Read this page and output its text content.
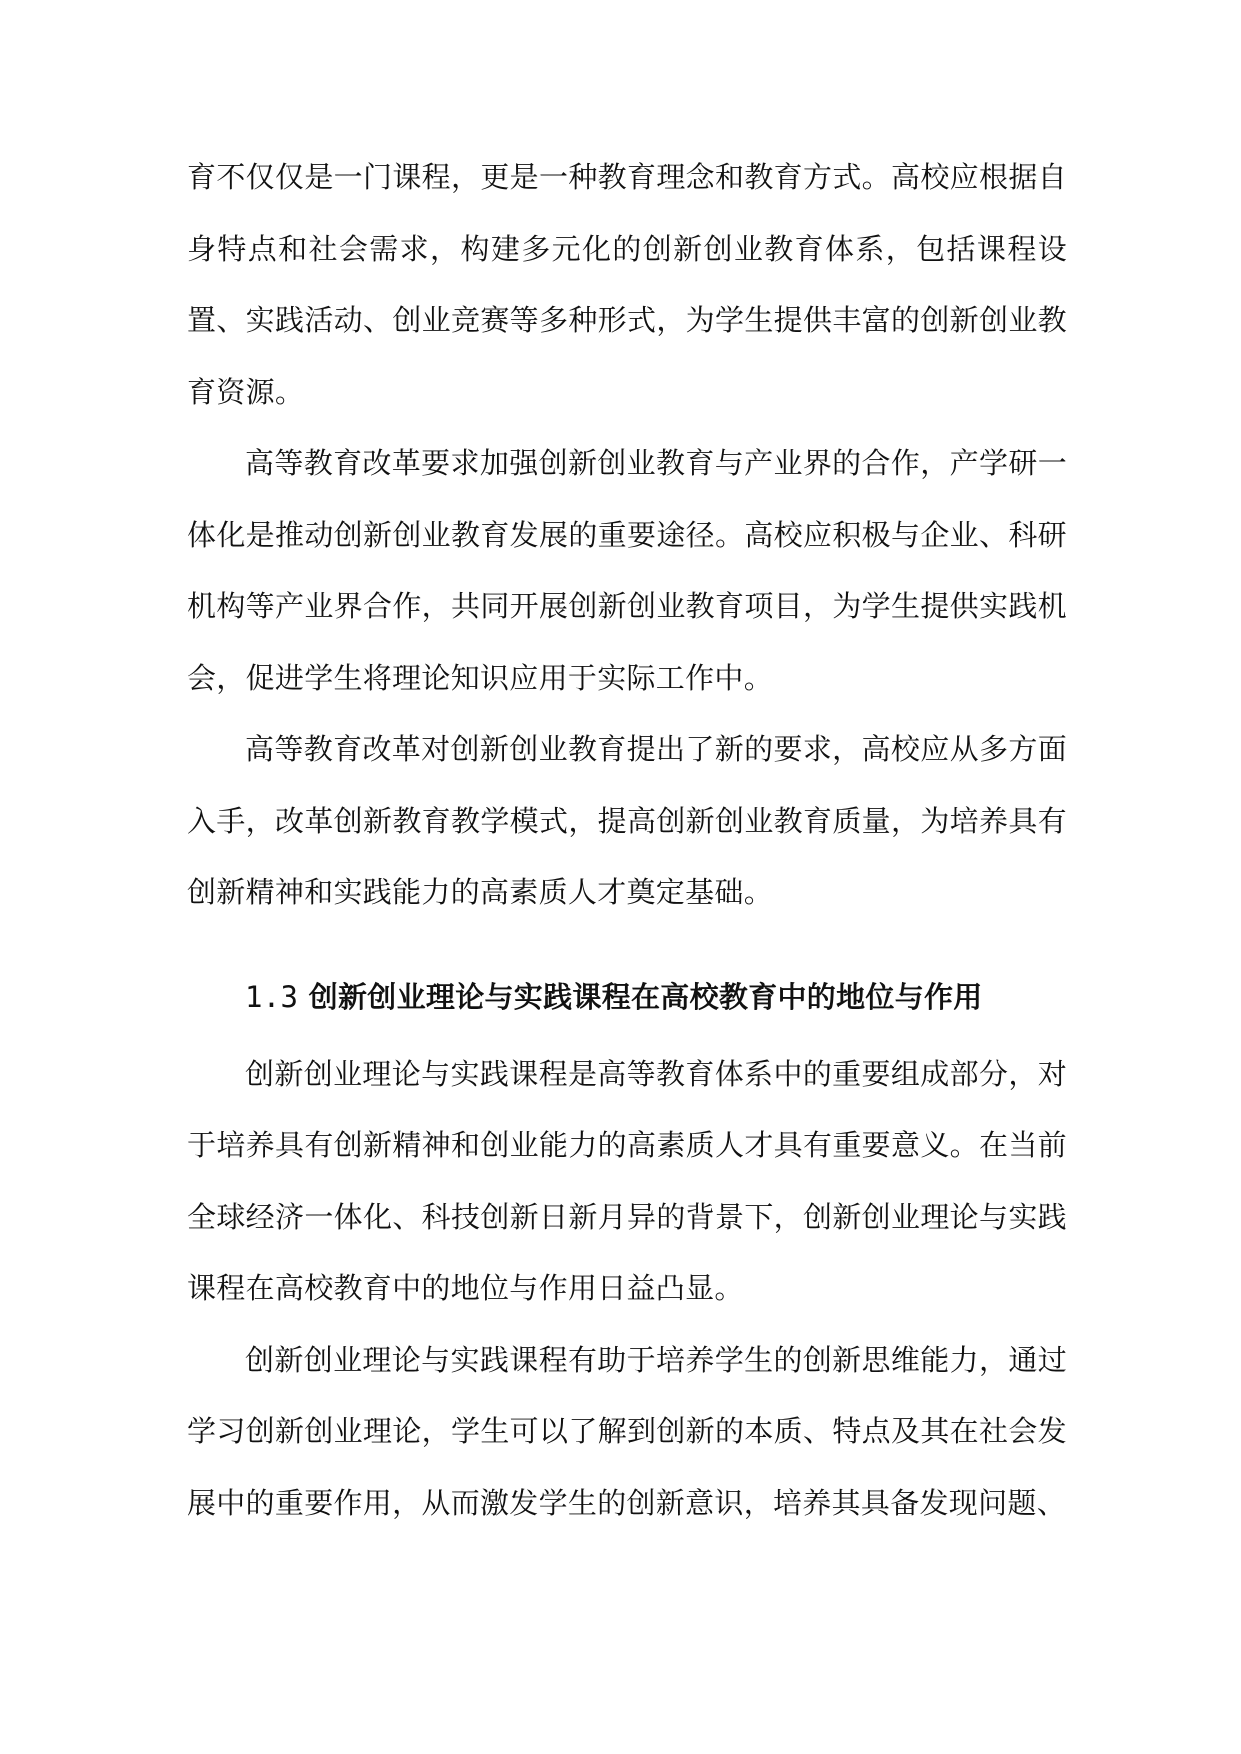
育不仅仅是一门课程，更是一种教育理念和教育方式。高校应根据自身特点和社会需求，构建多元化的创新创业教育体系，包括课程设置、实践活动、创业竞赛等多种形式，为学生提供丰富的创新创业教育资源。

高等教育改革要求加强创新创业教育与产业界的合作，产学研一体化是推动创新创业教育发展的重要途径。高校应积极与企业、科研机构等产业界合作，共同开展创新创业教育项目，为学生提供实践机会，促进学生将理论知识应用于实际工作中。

高等教育改革对创新创业教育提出了新的要求，高校应从多方面入手，改革创新教育教学模式，提高创新创业教育质量，为培养具有创新精神和实践能力的高素质人才奠定基础。

1.3 创新创业理论与实践课程在高校教育中的地位与作用

创新创业理论与实践课程是高等教育体系中的重要组成部分，对于培养具有创新精神和创业能力的高素质人才具有重要意义。在当前全球经济一体化、科技创新日新月异的背景下，创新创业理论与实践课程在高校教育中的地位与作用日益凸显。

创新创业理论与实践课程有助于培养学生的创新思维能力，通过学习创新创业理论，学生可以了解到创新的本质、特点及其在社会发展中的重要作用，从而激发学生的创新意识，培养其具备发现问题、
